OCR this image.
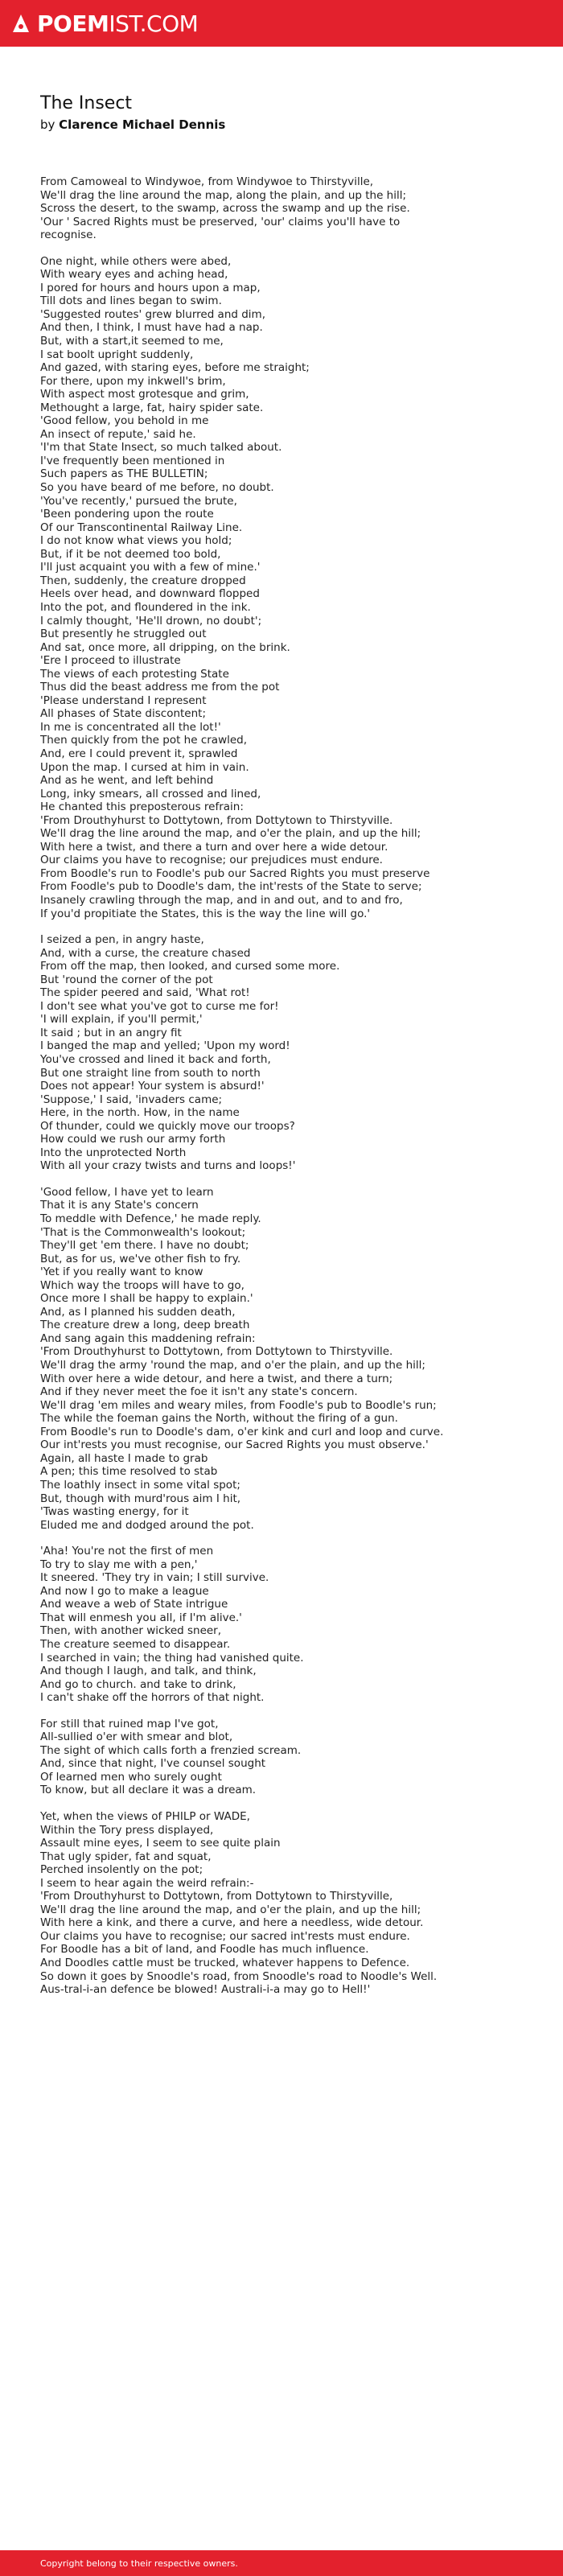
POEMIST.COM
The Insect
by Clarence Michael Dennis
From Camoweal to Windywoe, from Windywoe to Thirstyville,
We'll drag the line around the map, along the plain, and up the hill;
Scross the desert, to the swamp, across the swamp and up the rise.
'Our ' Sacred Rights must be preserved, 'our' claims you'll have to
recognise.
One night, while others were abed,
With weary eyes and aching head,
I pored for hours and hours upon a map,
Till dots and lines began to swim.
'Suggested routes' grew blurred and dim,
And then, I think, I must have had a nap.
But, with a start,it seemed to me,
I sat boolt upright suddenly,
And gazed, with staring eyes, before me straight;
For there, upon my inkwell's brim,
With aspect most grotesque and grim,
Methought a large, fat, hairy spider sate.
'Good fellow, you behold in me
An insect of repute,' said he.
'I'm that State Insect, so much talked about.
I've frequently been mentioned in
Such papers as THE BULLETIN;
So you have beard of me before, no doubt.
'You've recently,' pursued the brute,
'Been pondering upon the route
Of our Transcontinental Railway Line.
I do not know what views you hold;
But, if it be not deemed too bold,
I'll just acquaint you with a few of mine.'
Then, suddenly, the creature dropped
Heels over head, and downward flopped
Into the pot, and floundered in the ink.
I calmly thought, 'He'll drown, no doubt';
But presently he struggled out
And sat, once more, all dripping, on the brink.
'Ere I proceed to illustrate
The views of each protesting State
Thus did the beast address me from the pot
'Please understand I represent
All phases of State discontent;
In me is concentrated all the lot!'
Then quickly from the pot he crawled,
And, ere I could prevent it, sprawled
Upon the map. I cursed at him in vain.
And as he went, and left behind
Long, inky smears, all crossed and lined,
He chanted this preposterous refrain:
'From Drouthyhurst to Dottytown, from Dottytown to Thirstyville.
We'll drag the line around the map, and o'er the plain, and up the hill;
With here a twist, and there a turn and over here a wide detour.
Our claims you have to recognise; our prejudices must endure.
From Boodle's run to Foodle's pub our Sacred Rights you must preserve
From Foodle's pub to Doodle's dam, the int'rests of the State to serve;
Insanely crawling through the map, and in and out, and to and fro,
If you'd propitiate the States, this is the way the line will go.'
I seized a pen, in angry haste,
And, with a curse, the creature chased
From off the map, then looked, and cursed some more.
But 'round the corner of the pot
The spider peered and said, 'What rot!
I don't see what you've got to curse me for!
'I will explain, if you'll permit,'
It said ; but in an angry fit
I banged the map and yelled; 'Upon my word!
You've crossed and lined it back and forth,
But one straight line from south to north
Does not appear! Your system is absurd!'
'Suppose,' I said, 'invaders came;
Here, in the north. How, in the name
Of thunder, could we quickly move our troops?
How could we rush our army forth
Into the unprotected North
With all your crazy twists and turns and loops!'
'Good fellow, I have yet to learn
That it is any State's concern
To meddle with Defence,' he made reply.
'That is the Commonwealth's lookout;
They'll get 'em there. I have no doubt;
But, as for us, we've other fish to fry.
'Yet if you really want to know
Which way the troops will have to go,
Once more I shall be happy to explain.'
And, as I planned his sudden death,
The creature drew a long, deep breath
And sang again this maddening refrain:
'From Drouthyhurst to Dottytown, from Dottytown to Thirstyville.
We'll drag the army 'round the map, and o'er the plain, and up the hill;
With over here a wide detour, and here a twist, and there a turn;
And if they never meet the foe it isn't any state's concern.
We'll drag 'em miles and weary miles, from Foodle's pub to Boodle's run;
The while the foeman gains the North, without the firing of a gun.
From Boodle's run to Doodle's dam, o'er kink and curl and loop and curve.
Our int'rests you must recognise, our Sacred Rights you must observe.'
Again, all haste I made to grab
A pen; this time resolved to stab
The loathly insect in some vital spot;
But, though with murd'rous aim I hit,
'Twas wasting energy, for it
Eluded me and dodged around the pot.
'Aha! You're not the first of men
To try to slay me with a pen,'
It sneered. 'They try in vain; I still survive.
And now I go to make a league
And weave a web of State intrigue
That will enmesh you all, if I'm alive.'
Then, with another wicked sneer,
The creature seemed to disappear.
I searched in vain; the thing had vanished quite.
And though I laugh, and talk, and think,
And go to church. and take to drink,
I can't shake off the horrors of that night.
For still that ruined map I've got,
All-sullied o'er with smear and blot,
The sight of which calls forth a frenzied scream.
And, since that night, I've counsel sought
Of learned men who surely ought
To know, but all declare it was a dream.
Yet, when the views of PHILP or WADE,
Within the Tory press displayed,
Assault mine eyes, I seem to see quite plain
That ugly spider, fat and squat,
Perched insolently on the pot;
I seem to hear again the weird refrain:-
'From Drouthyhurst to Dottytown, from Dottytown to Thirstyville,
We'll drag the line around the map, and o'er the plain, and up the hill;
With here a kink, and there a curve, and here a needless, wide detour.
Our claims you have to recognise; our sacred int'rests must endure.
For Boodle has a bit of land, and Foodle has much influence.
And Doodles cattle must be trucked, whatever happens to Defence.
So down it goes by Snoodle's road, from Snoodle's road to Noodle's Well.
Aus-tral-i-an defence be blowed! Australi-i-a may go to Hell!'
Copyright belong to their respective owners.
